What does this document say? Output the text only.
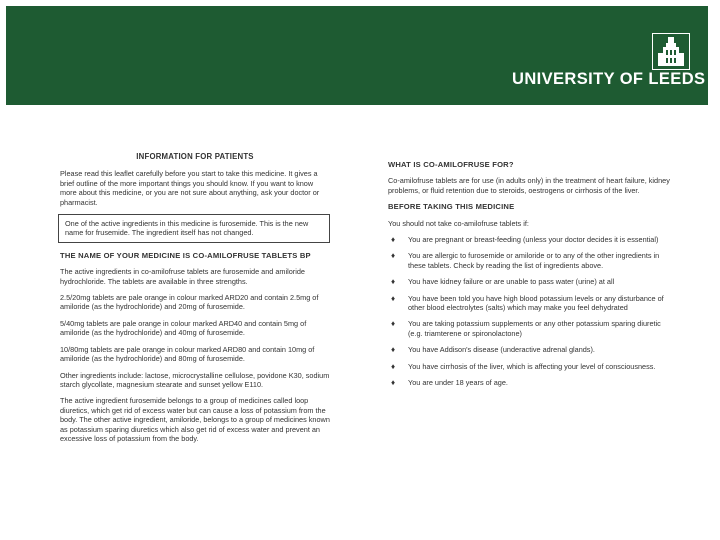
UNIVERSITY OF LEEDS
INFORMATION FOR PATIENTS

Please read this leaflet carefully before you start to take this medicine. It gives a brief outline of the more important things you should know. If you want to know more about this medicine, or you are not sure about anything, ask your doctor or pharmacist.

One of the active ingredients in this medicine is furosemide. This is the new name for frusemide. The ingredient itself has not changed.
THE NAME OF YOUR MEDICINE IS CO-AMILOFRUSE TABLETS BP

The active ingredients in co-amilofruse tablets are furosemide and amiloride hydrochloride. The tablets are available in three strengths.

2.5/20mg tablets are pale orange in colour marked ARD20 and contain 2.5mg of amiloride (as the hydrochloride) and 20mg of furosemide.

5/40mg tablets are pale orange in colour marked ARD40 and contain 5mg of amiloride (as the hydrochloride) and 40mg of furosemide.

10/80mg tablets are pale orange in colour marked ARD80 and contain 10mg of amiloride (as the hydrochloride) and 80mg of furosemide.

Other ingredients include: lactose, microcrystalline cellulose, povidone K30, sodium starch glycollate, magnesium stearate and sunset yellow E110.

The active ingredient furosemide belongs to a group of medicines called loop diuretics, which get rid of excess water but can cause a loss of potassium from the body. The other active ingredient, amiloride, belongs to a group of medicines known as potassium sparing diuretics which also get rid of excess water and prevent an excessive loss of potassium from the body.

WHAT IS CO-AMILOFRUSE FOR?

Co-amilofruse tablets are for use (in adults only) in the treatment of heart failure, kidney problems, or fluid retention due to steroids, oestrogens or cirrhosis of the liver.

BEFORE TAKING THIS MEDICINE

You should not take co-amilofruse tablets if:

♦ You are pregnant or breast-feeding (unless your doctor decides it is essential)
♦ You are allergic to furosemide or amiloride or to any of the other ingredients in these tablets. Check by reading the list of ingredients above.
♦ You have kidney failure or are unable to pass water (urine) at all
♦ You have been told you have high blood potassium levels or any disturbance of other blood electrolytes (salts) which may make you feel dehydrated
♦ You are taking potassium supplements or any other potassium sparing diuretic (e.g. triamterene or spironolactone)
♦ You have Addison's disease (underactive adrenal glands).
♦ You have cirrhosis of the liver, which is affecting your level of consciousness.
♦ You are under 18 years of age.
